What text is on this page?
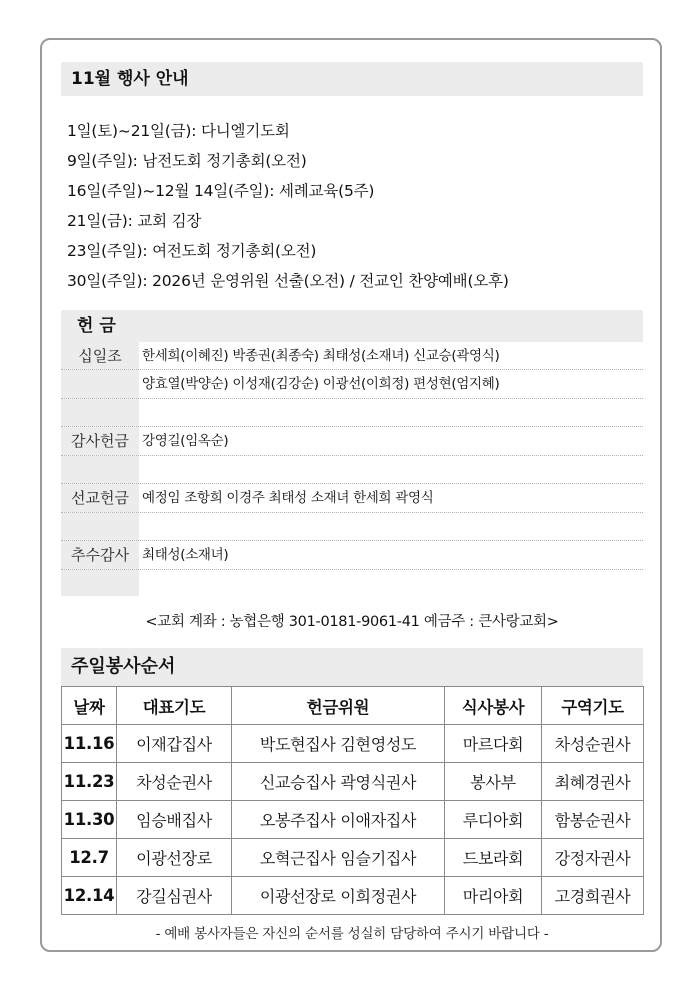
11월 행사 안내
1일(토)~21일(금): 다니엘기도회
9일(주일): 남전도회 정기총회(오전)
16일(주일)~12월 14일(주일): 세례교육(5주)
21일(금): 교회 김장
23일(주일): 여전도회 정기총회(오전)
30일(주일): 2026년 운영위원 선출(오전) / 전교인 찬양예배(오후)
헌 금
십일조	한세희(이혜진) 박종권(최종숙) 최태성(소재녀) 신교승(곽영식)
양효열(박양순) 이성재(김강순) 이광선(이희정) 편성현(엄지혜)
감사헌금 강영길(임옥순)
선교헌금 예정임 조항희 이경주 최태성 소재녀 한세희 곽영식
추수감사 최태성(소재녀)
<교회 계좌 : 농협은행 301-0181-9061-41 예금주 : 큰사랑교회>
주일봉사순서
날짜	대표기도	헌금위원	식사봉사	구역기도
11.16	이재갑집사	박도현집사 김현영성도	마르다회	차성순권사
11.23	차성순권사	신교승집사 곽영식권사	봉사부	최혜경권사
11.30	임승배집사	오봉주집사 이애자집사	루디아회	함봉순권사
12.7	이광선장로	오혁근집사 임슬기집사	드보라회	강정자권사
12.14	강길심권사	이광선장로 이희정권사	마리아회	고경희권사
- 예배 봉사자들은 자신의 순서를 성실히 담당하여 주시기 바랍니다 -
